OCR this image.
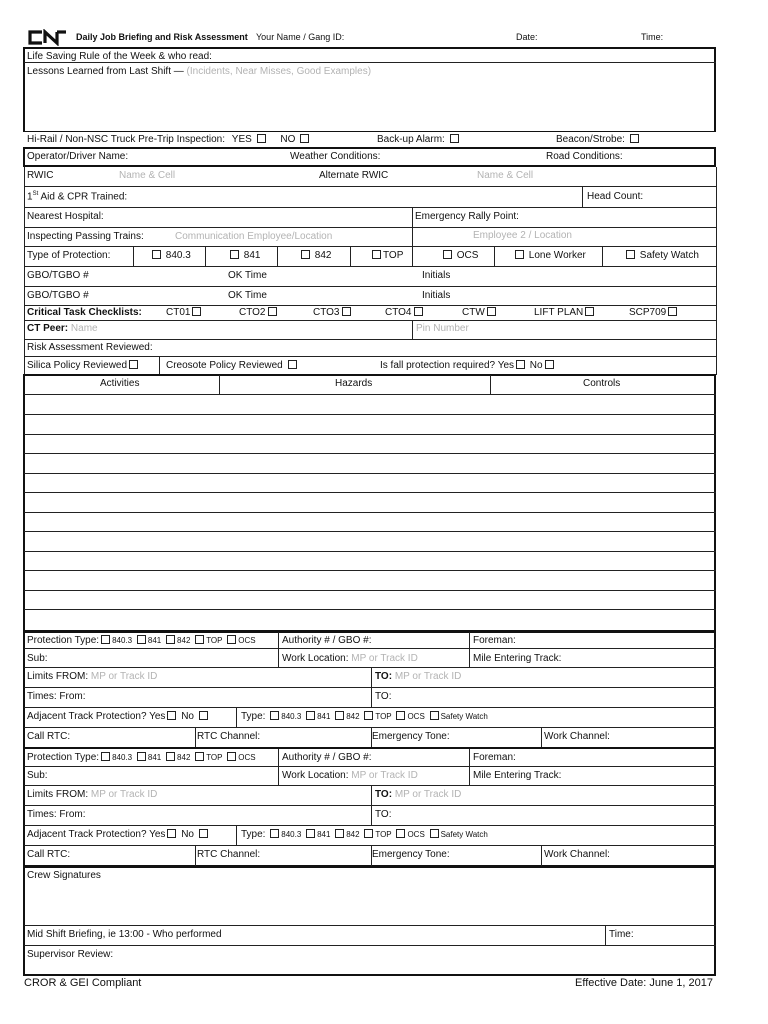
Daily Job Briefing and Risk Assessment Your Name / Gang ID:	Date:	Time:
Life Saving Rule of the Week & who read:
Lessons Learned from Last Shift — (Incidents, Near Misses, Good Examples)
Hi-Rail / Non-NSC Truck Pre-Trip Inspection: YES	NO	Back-up Alarm:	Beacon/Strobe:
Operator/Driver Name:	Weather Conditions:	Road Conditions:
RWIC	Name & Cell	Alternate RWIC	Name & Cell
1St Aid & CPR Trained:	Head Count:
Nearest Hospital:	Emergency Rally Point:
Inspecting Passing Trains:	Communication Employee/Location	Employee 2 / Location
Type of Protection:	840.3	841	842	TOP	OCS	Lone Worker	Safety Watch
GBO/TGBO #	OK Time	Initials
GBO/TGBO #	OK Time	Initials
Critical Task Checklists: CT01	CTO2	CTO3	CTO4	CTW	LIFT PLAN	SCP709
CT Peer: Name	Pin Number
Risk Assessment Reviewed:
Silica Policy Reviewed	Creosote Policy Reviewed	Is fall protection required? Yes No
Activities	Hazards	Controls
Protection Type: 840.3 841 842 TOP OCS	Authority # / GBO #:	Foreman:
Sub:	Work Location: MP or Track ID	Mile Entering Track:
Limits FROM: MP or Track ID	TO: MP or Track ID
Times: From:	TO:
Adjacent Track Protection? Yes No	Type: 840.3 841 842 TOP OCS Safety Watch
Call RTC:	RTC Channel:	Emergency Tone:	Work Channel:
Protection Type: 840.3 841 842 TOP OCS	Authority # / GBO #:	Foreman:
Sub:	Work Location: MP or Track ID	Mile Entering Track:
Limits FROM: MP or Track ID	TO: MP or Track ID
Times: From:	TO:
Adjacent Track Protection? Yes No	Type: 840.3 841 842 TOP OCS Safety Watch
Call RTC:	RTC Channel:	Emergency Tone:	Work Channel:
Crew Signatures
Mid Shift Briefing, ie 13:00 - Who performed	Time:
Supervisor Review:
CROR & GEI Compliant	Effective Date: June 1, 2017
